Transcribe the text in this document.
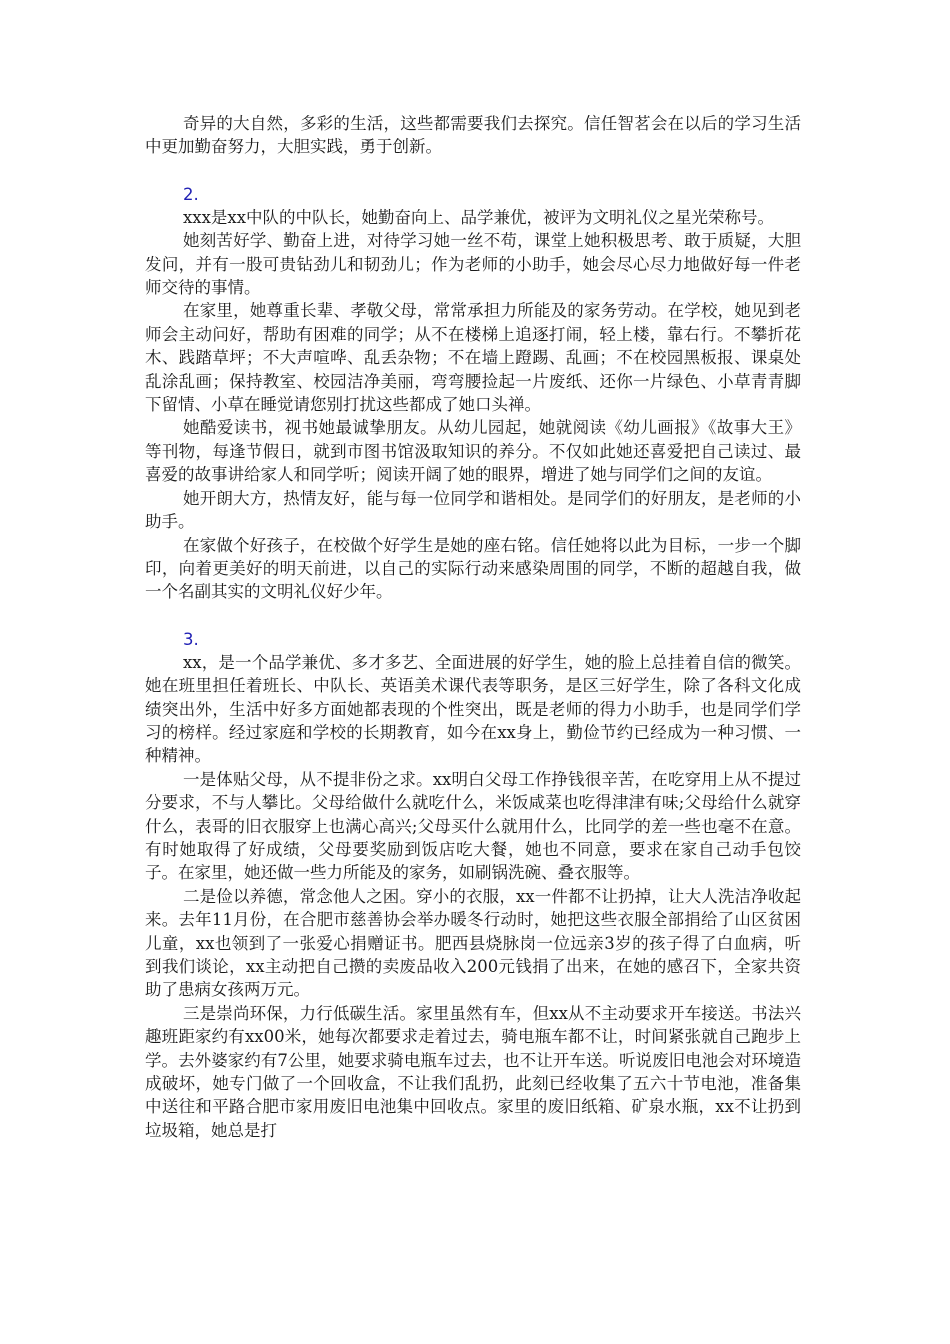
奇异的大自然，多彩的生活，这些都需要我们去探究。信任智茗会在以后的学习生活中更加勤奋努力，大胆实践，勇于创新。

2.

xxx是xx中队的中队长，她勤奋向上、品学兼优，被评为文明礼仪之星光荣称号。

她刻苦好学、勤奋上进，对待学习她一丝不苟，课堂上她积极思考、敢于质疑，大胆发问，并有一股可贵钻劲儿和韧劲儿；作为老师的小助手，她会尽心尽力地做好每一件老师交待的事情。

在家里，她尊重长辈、孝敬父母，常常承担力所能及的家务劳动。在学校，她见到老师会主动问好，帮助有困难的同学；从不在楼梯上追逐打闹，轻上楼，靠右行。不攀折花木、践踏草坪；不大声喧哗、乱丢杂物；不在墙上蹬踢、乱画；不在校园黑板报、课桌处乱涂乱画；保持教室、校园洁净美丽，弯弯腰捡起一片废纸、还你一片绿色、小草青青脚下留情、小草在睡觉请您别打扰这些都成了她口头禅。

她酷爱读书，视书她最诚挚朋友。从幼儿园起，她就阅读《幼儿画报》《故事大王》等刊物，每逢节假日，就到市图书馆汲取知识的养分。不仅如此她还喜爱把自己读过、最喜爱的故事讲给家人和同学听；阅读开阔了她的眼界，增进了她与同学们之间的友谊。

她开朗大方，热情友好，能与每一位同学和谐相处。是同学们的好朋友，是老师的小助手。

在家做个好孩子，在校做个好学生是她的座右铭。信任她将以此为目标，一步一个脚印，向着更美好的明天前进，以自己的实际行动来感染周围的同学，不断的超越自我，做一个名副其实的文明礼仪好少年。

3.

xx，是一个品学兼优、多才多艺、全面进展的好学生，她的脸上总挂着自信的微笑。她在班里担任着班长、中队长、英语美术课代表等职务，是区三好学生，除了各科文化成绩突出外，生活中好多方面她都表现的个性突出，既是老师的得力小助手，也是同学们学习的榜样。经过家庭和学校的长期教育，如今在xx身上，勤俭节约已经成为一种习惯、一种精神。

一是体贴父母，从不提非份之求。xx明白父母工作挣钱很辛苦，在吃穿用上从不提过分要求，不与人攀比。父母给做什么就吃什么，米饭咸菜也吃得津津有味;父母给什么就穿什么，表哥的旧衣服穿上也满心高兴;父母买什么就用什么，比同学的差一些也毫不在意。有时她取得了好成绩，父母要奖励到饭店吃大餐，她也不同意，要求在家自己动手包饺子。在家里，她还做一些力所能及的家务，如刷锅洗碗、叠衣服等。

二是俭以养德，常念他人之困。穿小的衣服，xx一件都不让扔掉，让大人洗洁净收起来。去年11月份，在合肥市慈善协会举办暖冬行动时，她把这些衣服全部捐给了山区贫困儿童，xx也领到了一张爱心捐赠证书。肥西县烧脉岗一位远亲3岁的孩子得了白血病，听到我们谈论，xx主动把自己攒的卖废品收入200元钱捐了出来，在她的感召下，全家共资助了患病女孩两万元。

三是崇尚环保，力行低碳生活。家里虽然有车，但xx从不主动要求开车接送。书法兴趣班距家约有xx00米，她每次都要求走着过去，骑电瓶车都不让，时间紧张就自己跑步上学。去外婆家约有7公里，她要求骑电瓶车过去，也不让开车送。听说废旧电池会对环境造成破坏，她专门做了一个回收盒，不让我们乱扔，此刻已经收集了五六十节电池，准备集中送往和平路合肥市家用废旧电池集中回收点。家里的废旧纸箱、矿泉水瓶，xx不让扔到垃圾箱，她总是打
